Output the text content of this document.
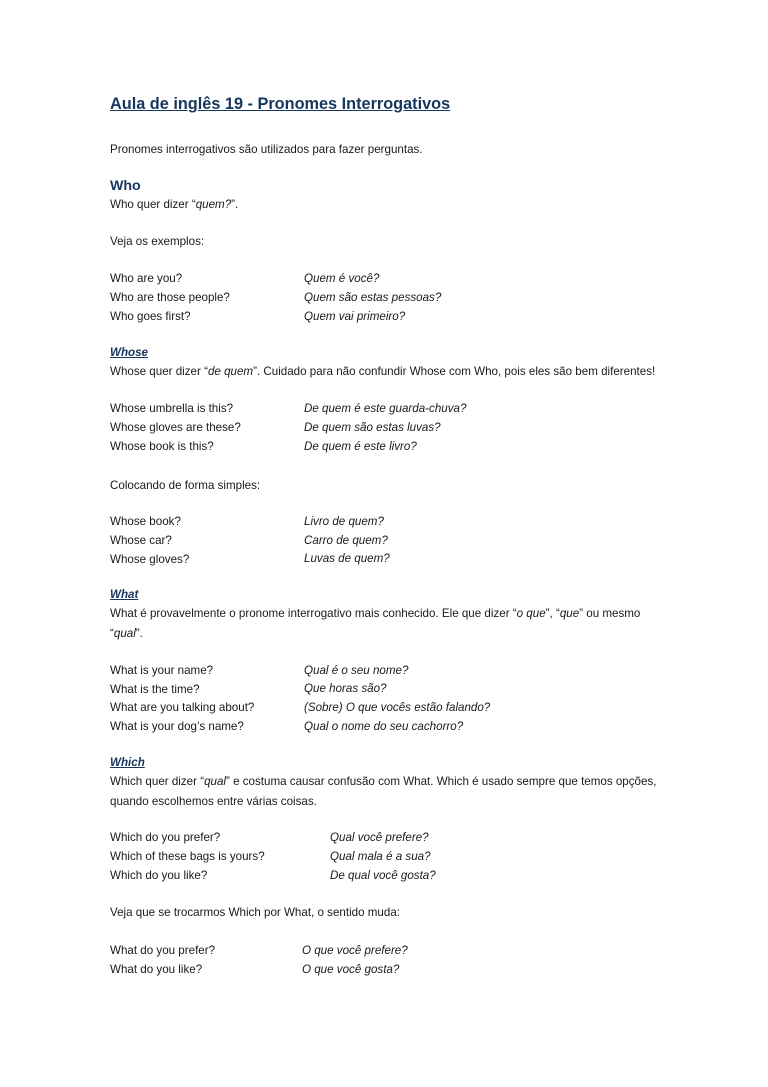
Aula de inglês 19 - Pronomes Interrogativos
Pronomes interrogativos são utilizados para fazer perguntas.
Who
Who quer dizer “quem?”.
Veja os exemplos:
Who are you?	Quem é você?
Who are those people?	Quem são estas pessoas?
Who goes first?	Quem vai primeiro?
Whose
Whose quer dizer “de quem”. Cuidado para não confundir Whose com Who, pois eles são bem diferentes!
Whose umbrella is this?	De quem é este guarda-chuva?
Whose gloves are these?	De quem são estas luvas?
Whose book is this?	De quem é este livro?
Colocando de forma simples:
Whose book?	Livro de quem?
Whose car?	Carro de quem?
Whose gloves?	Luvas de quem?
What
What é provavelmente o pronome interrogativo mais conhecido. Ele que dizer “o que”, “que” ou mesmo
“qual”.
What is your name?	Qual é o seu nome?
What is the time?	Que horas são?
What are you talking about?	(Sobre) O que vocês estão falando?
What is your dog’s name?	Qual o nome do seu cachorro?
Which
Which quer dizer “qual” e costuma causar confusão com What. Which é usado sempre que temos opções,
quando escolhemos entre várias coisas.
Which do you prefer?	Qual você prefere?
Which of these bags is yours?	Qual mala é a sua?
Which do you like?	De qual você gosta?
Veja que se trocarmos Which por What, o sentido muda:
What do you prefer?	O que você prefere?
What do you like?	O que você gosta?
